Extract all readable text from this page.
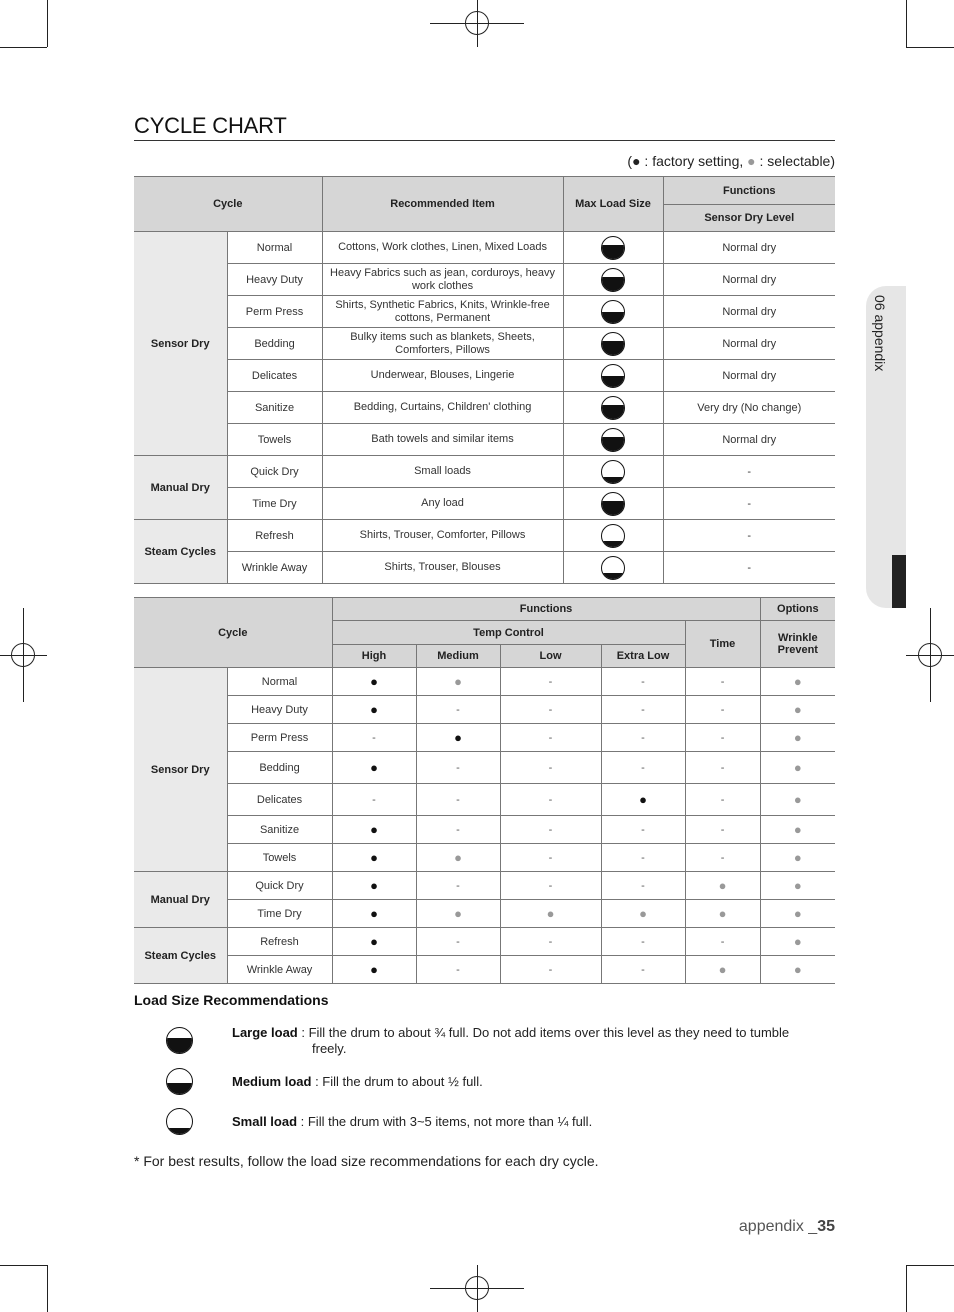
06 appendix
CYCLE CHART
(● : factory setting, ● : selectable)
Cycle		Recommended Item	Max Load Size	Functions
				Sensor Dry Level
Sensor Dry	Normal	Cottons, Work clothes, Linen, Mixed Loads		Normal dry
	Heavy Duty	Heavy Fabrics such as jean, corduroys, heavy work clothes		Normal dry
	Perm Press	Shirts, Synthetic Fabrics, Knits, Wrinkle-free cottons, Permanent		Normal dry
	Bedding	Bulky items such as blankets, Sheets, Comforters, Pillows		Normal dry
	Delicates	Underwear, Blouses, Lingerie		Normal dry
	Sanitize	Bedding, Curtains, Children' clothing		Very dry (No change)
	Towels	Bath towels and similar items		Normal dry
Manual Dry	Quick Dry	Small loads		-
	Time Dry	Any load		-
Steam Cycles	Refresh	Shirts, Trouser, Comforter, Pillows		-
	Wrinkle Away	Shirts, Trouser, Blouses		-
Cycle		Functions					Options
		Temp Control				Time	Wrinkle Prevent
		High	Medium	Low	Extra Low		
Sensor Dry	Normal	●	●	-	-	-	●
	Heavy Duty	●	-	-	-	-	●
	Perm Press	-	●	-	-	-	●
	Bedding	●	-	-	-	-	●
	Delicates	-	-	-	●	-	●
	Sanitize	●	-	-	-	-	●
	Towels	●	●	-	-	-	●
Manual Dry	Quick Dry	●	-	-	-	●	●
	Time Dry	●	●	●	●	●	●
Steam Cycles	Refresh	●	-	-	-	-	●
	Wrinkle Away	●	-	-	-	●	●
Load Size Recommendations
Large load : Fill the drum to about ¾ full. Do not add items over this level as they need to tumble
freely.
Medium load : Fill the drum to about ½ full.
Small load : Fill the drum with 3~5 items, not more than ¼ full.
* For best results, follow the load size recommendations for each dry cycle.
appendix _35
